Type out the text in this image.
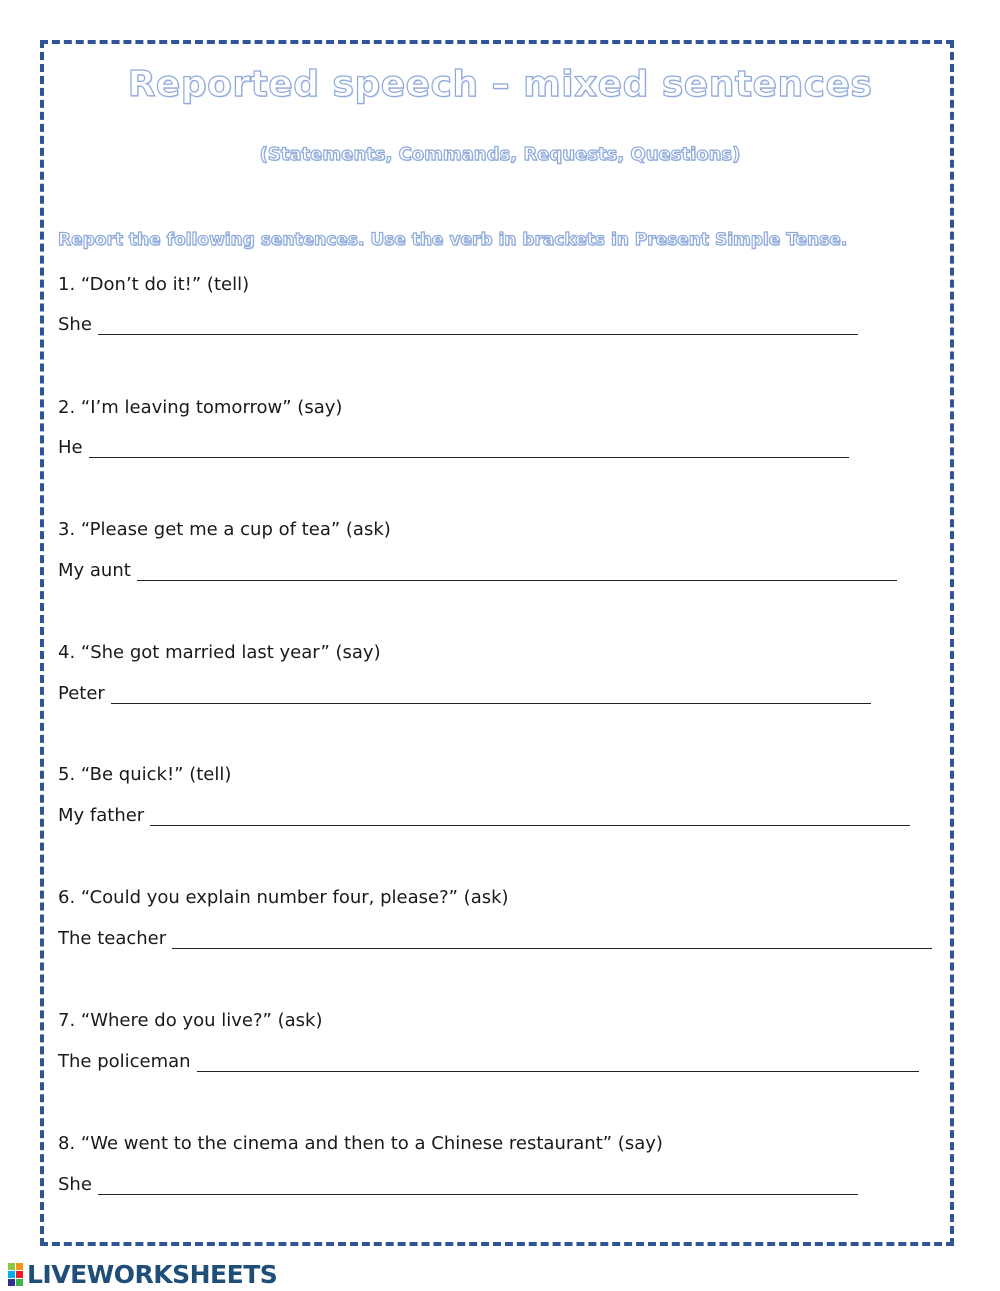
Reported speech – mixed sentences
(Statements, Commands, Requests, Questions)
Report the following sentences. Use the verb in brackets in Present Simple Tense.
1. “Don’t do it!” (tell)
She
2. “I’m leaving tomorrow” (say)
He
3. “Please get me a cup of tea” (ask)
My aunt
4. “She got married last year” (say)
Peter
5. “Be quick!” (tell)
My father
6. “Could you explain number four, please?” (ask)
The teacher
7. “Where do you live?” (ask)
The policeman
8. “We went to the cinema and then to a Chinese restaurant” (say)
She
LIVEWORKSHEETS
